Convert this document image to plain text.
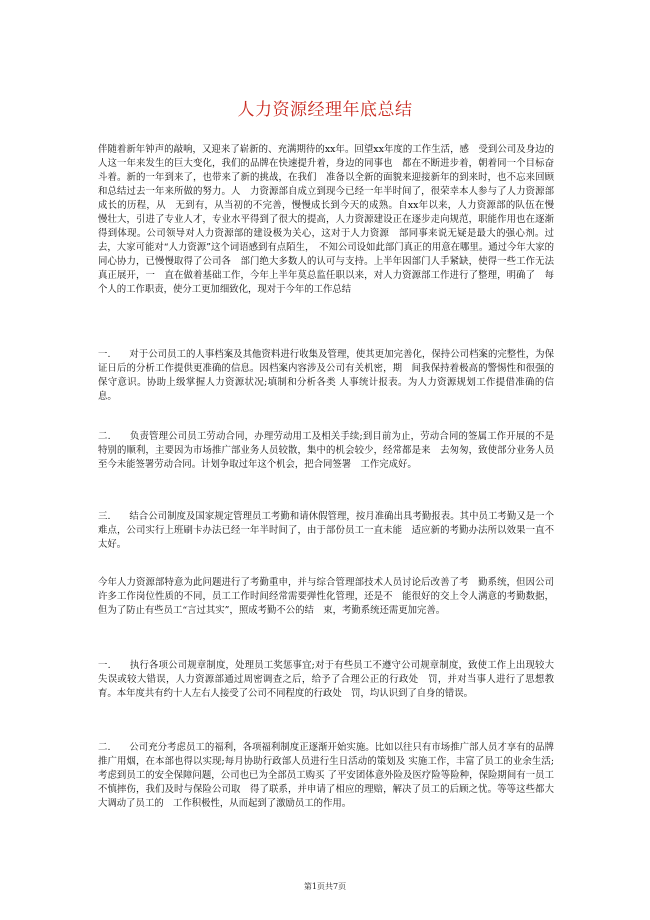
人力资源经理年底总结

伴随着新年钟声的敲响，又迎来了崭新的、充满期待的xx年。回望xx年度的工作生活，感　受到公司及身边的人这一年来发生的巨大变化，我们的品牌在快速提升着，身边的同事也　都在不断进步着，朝着同一个目标奋斗着。新的一年到来了，也带来了新的挑战，在我们　准备以全新的面貌来迎接新年的到来时，也不忘来回顾和总结过去一年来所做的努力。人　力资源部自成立到现今已经一年半时间了，很荣幸本人参与了人力资源部成长的历程，从　无到有，从当初的不完善，慢慢成长到今天的成熟。自xx年以来，人力资源部的队伍在慢　慢壮大，引进了专业人才，专业水平得到了很大的提高，人力资源建设正在逐步走向规范，职能作用也在逐渐得到体现。公司领导对人力资源部的建设极为关心，这对于人力资源　部同事来说无疑是最大的强心剂。过去，大家可能对“人力资源”这个词语感到有点陌生，　不知公司设如此部门真正的用意在哪里。通过今年大家的同心协力，已慢慢取得了公司各　部门绝大多数人的认可与支持。上半年因部门人手紧缺，使得一些工作无法真正展开，一　直在做着基础工作，今年上半年莫总监任职以来，对人力资源部工作进行了整理，明确了　每个人的工作职责，使分工更加细致化，现对于今年的工作总结

一.　　对于公司员工的人事档案及其他资料进行收集及管理，使其更加完善化，保持公司档案的完整性，为保证日后的分析工作提供更准确的信息。因档案内容涉及公司有关机密，期　间我保持着极高的警惕性和很强的保守意识。协助上级掌握人力资源状况;填制和分析各类 人事统计报表。为人力资源规划工作提借准确的信息。

二.　　负责管理公司员工劳动合同，办理劳动用工及相关手续;到目前为止，劳动合同的签属工作开展的不是特别的顺利，主要因为市场推广部业务人员较散，集中的机会较少，经常都是来　去匆匆，致使部分业务人员至今未能签署劳动合同。计划争取过年这个机会，把合同签署　工作完成好。

三.　　结合公司制度及国家规定管理员工考勤和请休假管理，按月准确出具考勤报表。其中员工考勤又是一个难点，公司实行上班刷卡办法已经一年半时间了，由于部份员工一直未能　适应新的考勤办法所以效果一直不太好。

今年人力资源部特意为此问题进行了考勤重申，并与综合管理部技术人员讨论后改善了考　勤系统，但因公司许多工作岗位性质的不同，员工工作时间经常需要弹性化管理，还是不　能很好的交上令人满意的考勤数据，但为了防止有些员工“言过其实”，照成考勤不公的结　束，考勤系统还需更加完善。

一.　　执行各项公司规章制度，处理员工奖惩事宜;对于有些员工不遵守公司规章制度，致使工作上出现较大失误或较大错误，人力资源部通过周密调查之后，给予了合理公正的行政处　罚，并对当事人进行了思想教育。本年度共有约十人左右人接受了公司不同程度的行政处　罚，均认识到了自身的错误。

二.　　公司充分考虑员工的福利，各项福利制度正逐渐开始实施。比如以往只有市场推广部人员才享有的品牌推广用烟，在本部也得以实现;每月协助行政部人员进行生日活动的策划及 实施工作，丰富了员工的业余生活;考虑到员工的安全保障问题，公司也已为全部员工购买 了平安团体意外险及医疗险等险种，保险期间有一员工不慎摔伤，我们及时与保险公司取　得了联系，并申请了相应的理赔，解决了员工的后顾之忧。等等这些都大大调动了员工的　工作积极性，从而起到了激励员工的作用。

第1页共7页
